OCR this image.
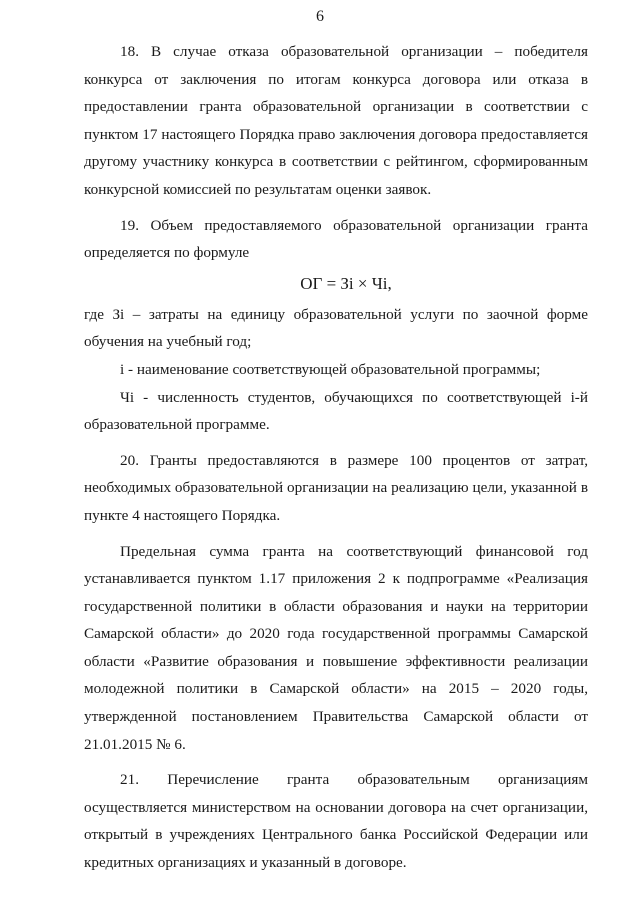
6

18. В случае отказа образовательной организации – победителя конкурса от заключения по итогам конкурса договора или отказа в предоставлении гранта образовательной организации в соответствии с пунктом 17 настоящего Порядка право заключения договора предоставляется другому участнику конкурса в соответствии с рейтингом, сформированным конкурсной комиссией по результатам оценки заявок.

19. Объем предоставляемого образовательной организации гранта определяется по формуле

ОГ = Зi × Чi,

где Зi – затраты на единицу образовательной услуги по заочной форме обучения на учебный год;

i - наименование соответствующей образовательной программы;

Чi - численность студентов, обучающихся по соответствующей i-й образовательной программе.

20. Гранты предоставляются в размере 100 процентов от затрат, необходимых образовательной организации на реализацию цели, указанной в пункте 4 настоящего Порядка.

Предельная сумма гранта на соответствующий финансовой год устанавливается пунктом 1.17 приложения 2 к подпрограмме «Реализация государственной политики в области образования и науки на территории Самарской области» до 2020 года государственной программы Самарской области «Развитие образования и повышение эффективности реализации молодежной политики в Самарской области» на 2015 – 2020 годы, утвержденной постановлением Правительства Самарской области от 21.01.2015 № 6.

21. Перечисление гранта образовательным организациям осуществляется министерством на основании договора на счет организации, открытый в учреждениях Центрального банка Российской Федерации или кредитных организациях и указанный в договоре.
